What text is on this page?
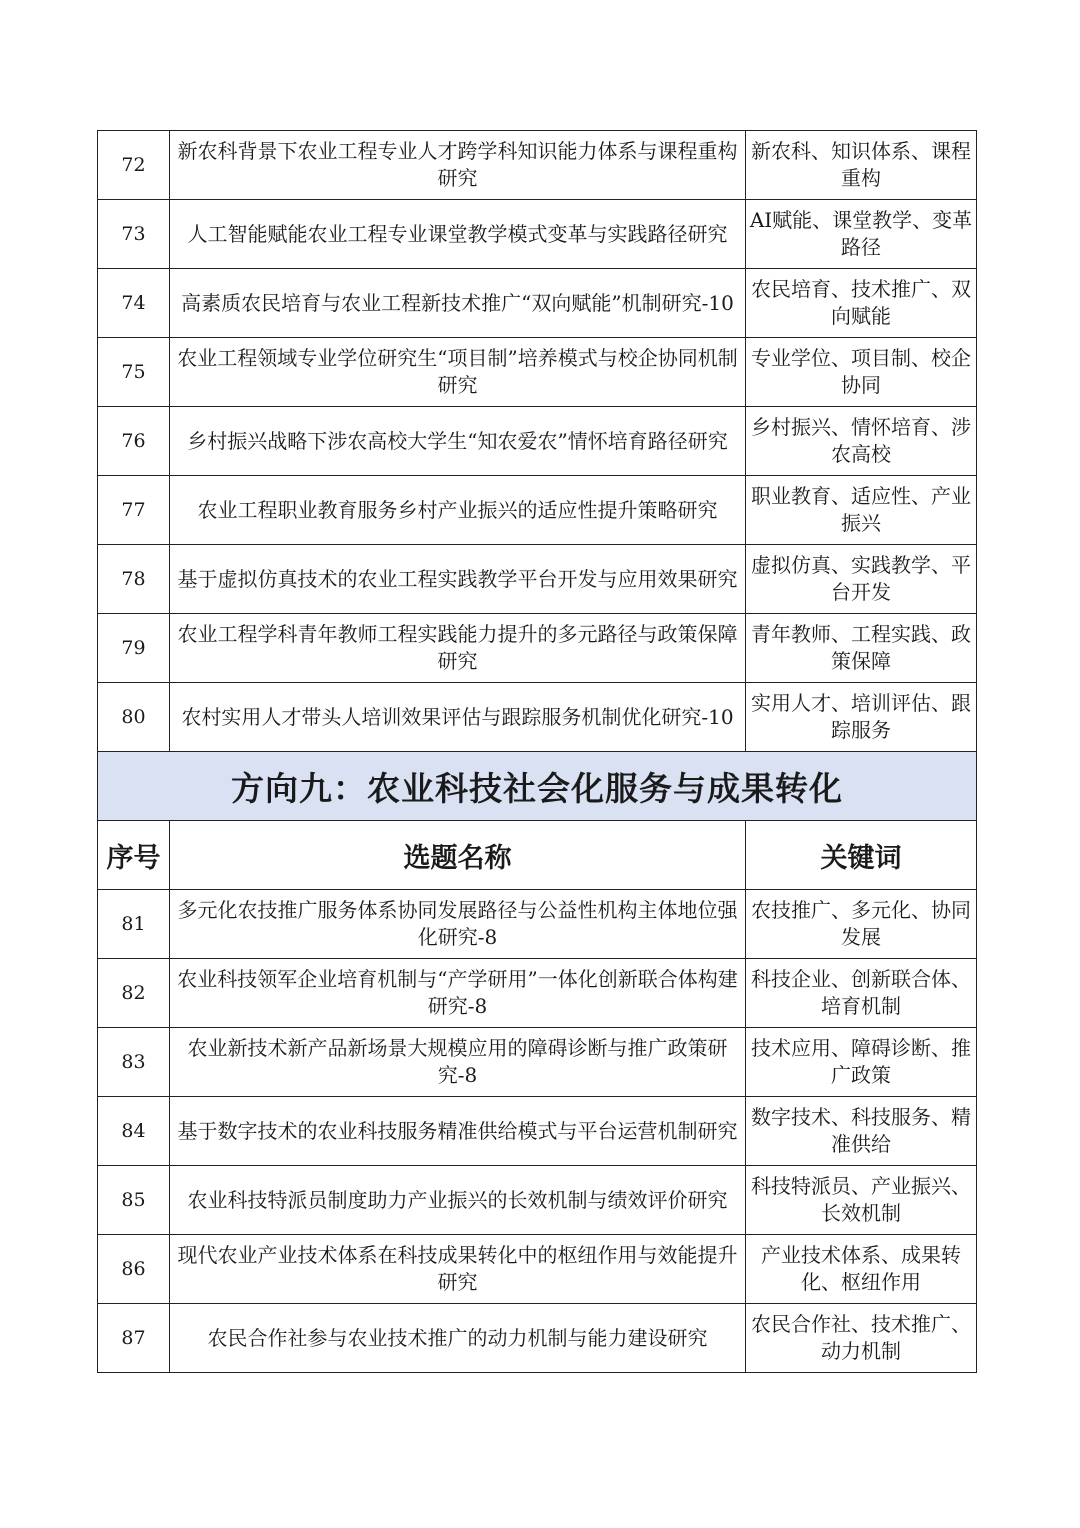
72	新农科背景下农业工程专业人才跨学科知识能力体系与课程重构研究	新农科、知识体系、课程重构
73	人工智能赋能农业工程专业课堂教学模式变革与实践路径研究	AI赋能、课堂教学、变革路径
74	高素质农民培育与农业工程新技术推广“双向赋能”机制研究-10	农民培育、技术推广、双向赋能
75	农业工程领域专业学位研究生“项目制”培养模式与校企协同机制研究	专业学位、项目制、校企协同
76	乡村振兴战略下涉农高校大学生“知农爱农”情怀培育路径研究	乡村振兴、情怀培育、涉农高校
77	农业工程职业教育服务乡村产业振兴的适应性提升策略研究	职业教育、适应性、产业振兴
78	基于虚拟仿真技术的农业工程实践教学平台开发与应用效果研究	虚拟仿真、实践教学、平台开发
79	农业工程学科青年教师工程实践能力提升的多元路径与政策保障研究	青年教师、工程实践、政策保障
80	农村实用人才带头人培训效果评估与跟踪服务机制优化研究-10	实用人才、培训评估、跟踪服务
方向九：农业科技社会化服务与成果转化		
序号	选题名称	关键词
81	多元化农技推广服务体系协同发展路径与公益性机构主体地位强化研究-8	农技推广、多元化、协同发展
82	农业科技领军企业培育机制与“产学研用”一体化创新联合体构建研究-8	科技企业、创新联合体、培育机制
83	农业新技术新产品新场景大规模应用的障碍诊断与推广政策研究-8	技术应用、障碍诊断、推广政策
84	基于数字技术的农业科技服务精准供给模式与平台运营机制研究	数字技术、科技服务、精准供给
85	农业科技特派员制度助力产业振兴的长效机制与绩效评价研究	科技特派员、产业振兴、长效机制
86	现代农业产业技术体系在科技成果转化中的枢纽作用与效能提升研究	产业技术体系、成果转化、枢纽作用
87	农民合作社参与农业技术推广的动力机制与能力建设研究	农民合作社、技术推广、动力机制
